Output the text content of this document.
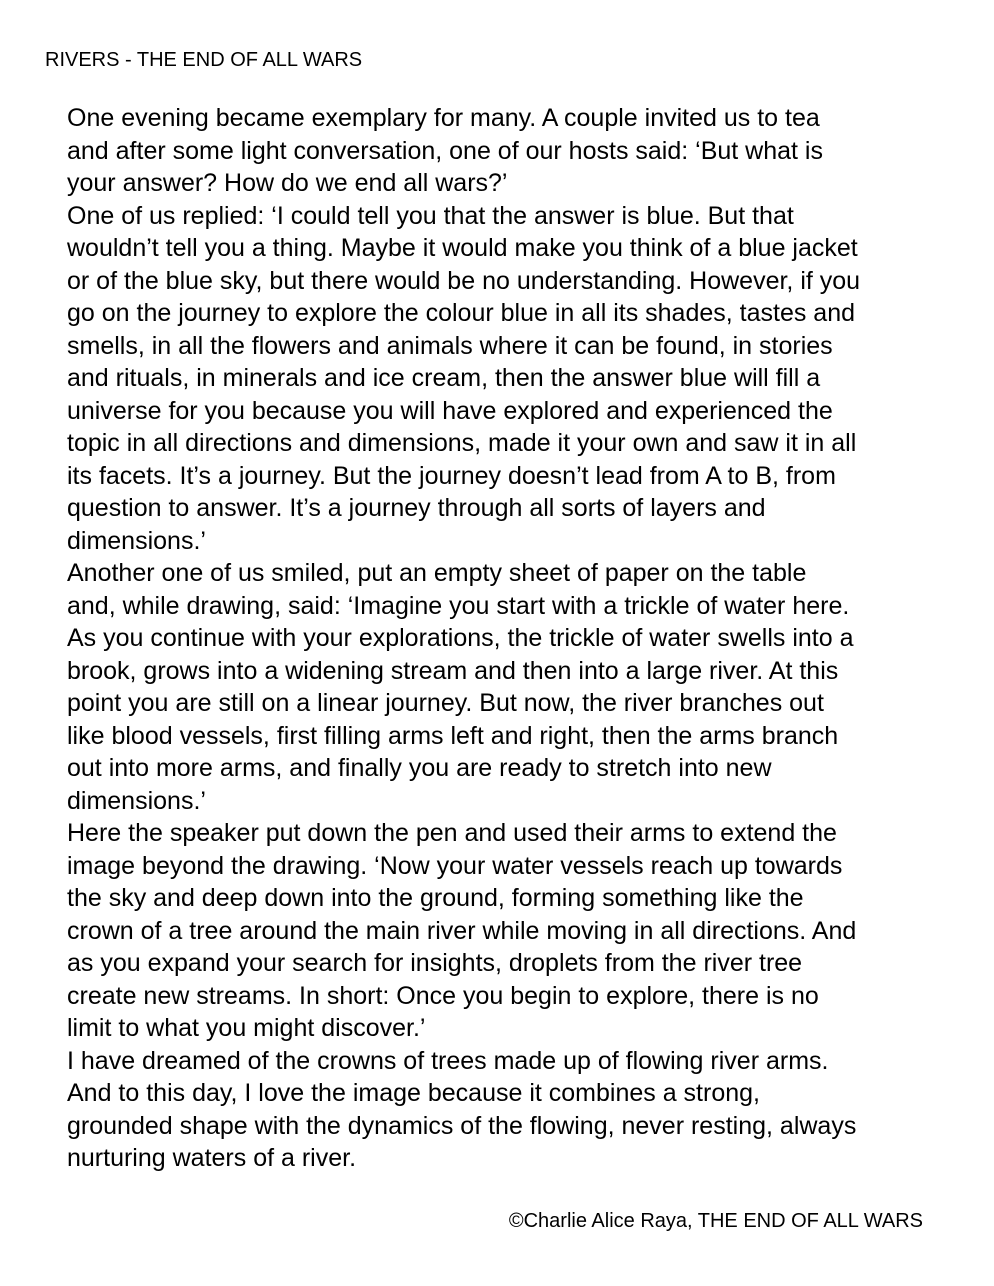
RIVERS - THE END OF ALL WARS

One evening became exemplary for many. A couple invited us to tea
and after some light conversation, one of our hosts said: ‘But what is
your answer? How do we end all wars?’

One of us replied: ‘I could tell you that the answer is blue. But that
wouldn’t tell you a thing. Maybe it would make you think of a blue jacket
or of the blue sky, but there would be no understanding. However, if you
go on the journey to explore the colour blue in all its shades, tastes and
smells, in all the flowers and animals where it can be found, in stories
and rituals, in minerals and ice cream, then the answer blue will fill a
universe for you because you will have explored and experienced the
topic in all directions and dimensions, made it your own and saw it in all
its facets. It’s a journey. But the journey doesn’t lead from A to B, from
question to answer. It’s a journey through all sorts of layers and
dimensions.’

Another one of us smiled, put an empty sheet of paper on the table
and, while drawing, said: ‘Imagine you start with a trickle of water here.
As you continue with your explorations, the trickle of water swells into a
brook, grows into a widening stream and then into a large river. At this
point you are still on a linear journey. But now, the river branches out
like blood vessels, first filling arms left and right, then the arms branch
out into more arms, and finally you are ready to stretch into new
dimensions.’

Here the speaker put down the pen and used their arms to extend the
image beyond the drawing. ‘Now your water vessels reach up towards
the sky and deep down into the ground, forming something like the
crown of a tree around the main river while moving in all directions. And
as you expand your search for insights, droplets from the river tree
create new streams. In short: Once you begin to explore, there is no
limit to what you might discover.’

I have dreamed of the crowns of trees made up of flowing river arms.
And to this day, I love the image because it combines a strong,
grounded shape with the dynamics of the flowing, never resting, always
nurturing waters of a river.

©Charlie Alice Raya, THE END OF ALL WARS
